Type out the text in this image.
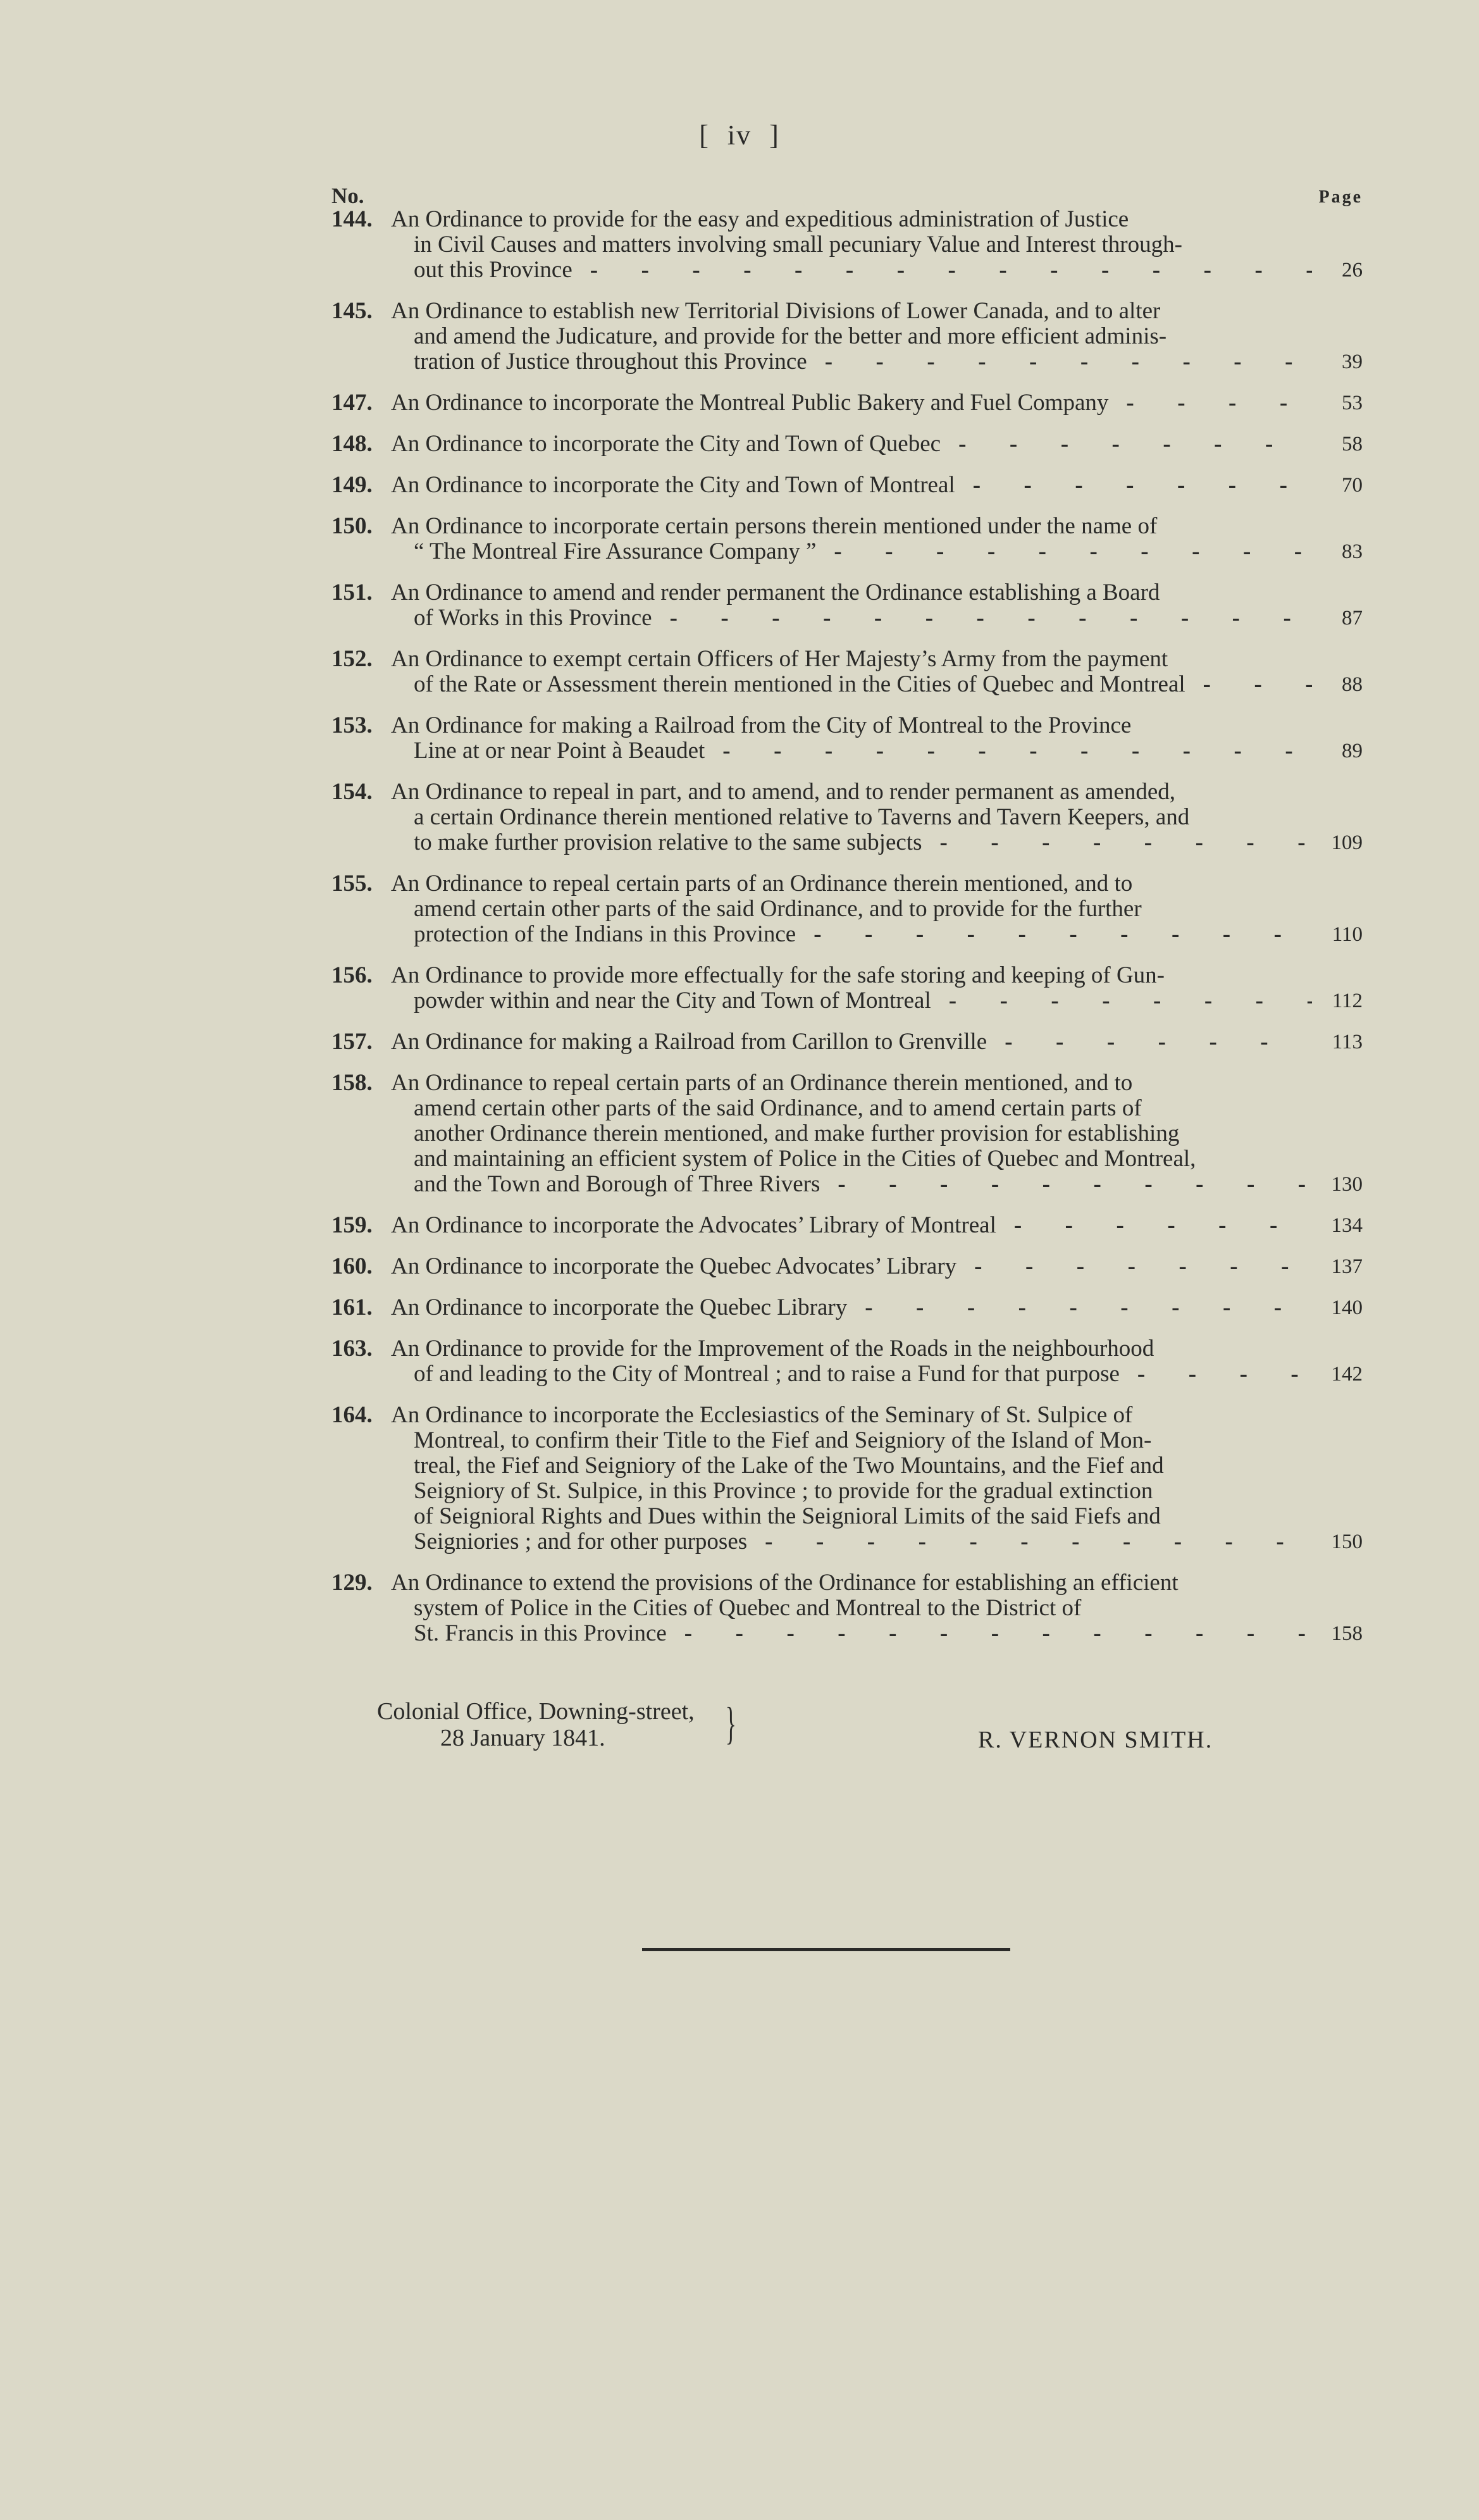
[ iv ]
No.	Page
144. An Ordinance to provide for the easy and expeditious administration of Justice
in Civil Causes and matters involving small pecuniary Value and Interest through-
out this Province - -	26
145. An Ordinance to establish new Territorial Divisions of Lower Canada, and to alter
and amend the Judicature, and provide for the better and more efficient adminis-
tration of Justice throughout this Province - -	39
147. An Ordinance to incorporate the Montreal Public Bakery and Fuel Company - -	53
148. An Ordinance to incorporate the City and Town of Quebec - -	58
149. An Ordinance to incorporate the City and Town of Montreal - -	70
150. An Ordinance to incorporate certain persons therein mentioned under the name of
“ The Montreal Fire Assurance Company ” - -	83
151. An Ordinance to amend and render permanent the Ordinance establishing a Board
of Works in this Province - -	87
152. An Ordinance to exempt certain Officers of Her Majesty’s Army from the payment
of the Rate or Assessment therein mentioned in the Cities of Quebec and Montreal - -	88
153. An Ordinance for making a Railroad from the City of Montreal to the Province
Line at or near Point à Beaudet - -	89
154. An Ordinance to repeal in part, and to amend, and to render permanent as amended,
a certain Ordinance therein mentioned relative to Taverns and Tavern Keepers, and
to make further provision relative to the same subjects - -	109
155. An Ordinance to repeal certain parts of an Ordinance therein mentioned, and to
amend certain other parts of the said Ordinance, and to provide for the further
protection of the Indians in this Province - -	110
156. An Ordinance to provide more effectually for the safe storing and keeping of Gun-
powder within and near the City and Town of Montreal - -	112
157. An Ordinance for making a Railroad from Carillon to Grenville - -	113
158. An Ordinance to repeal certain parts of an Ordinance therein mentioned, and to
amend certain other parts of the said Ordinance, and to amend certain parts of
another Ordinance therein mentioned, and make further provision for establishing
and maintaining an efficient system of Police in the Cities of Quebec and Montreal,
and the Town and Borough of Three Rivers - -	130
159. An Ordinance to incorporate the Advocates’ Library of Montreal - -	134
160. An Ordinance to incorporate the Quebec Advocates’ Library - -	137
161. An Ordinance to incorporate the Quebec Library - -	140
163. An Ordinance to provide for the Improvement of the Roads in the neighbourhood
of and leading to the City of Montreal ; and to raise a Fund for that purpose - -	142
164. An Ordinance to incorporate the Ecclesiastics of the Seminary of St. Sulpice of
Montreal, to confirm their Title to the Fief and Seigniory of the Island of Mon-
treal, the Fief and Seigniory of the Lake of the Two Mountains, and the Fief and
Seigniory of St. Sulpice, in this Province ; to provide for the gradual extinction
of Seignioral Rights and Dues within the Seignioral Limits of the said Fiefs and
Seigniories ; and for other purposes - -	150
129. An Ordinance to extend the provisions of the Ordinance for establishing an efficient
system of Police in the Cities of Quebec and Montreal to the District of
St. Francis in this Province - -	158
Colonial Office, Downing-street,
28 January 1841.	}	R. VERNON SMITH.
